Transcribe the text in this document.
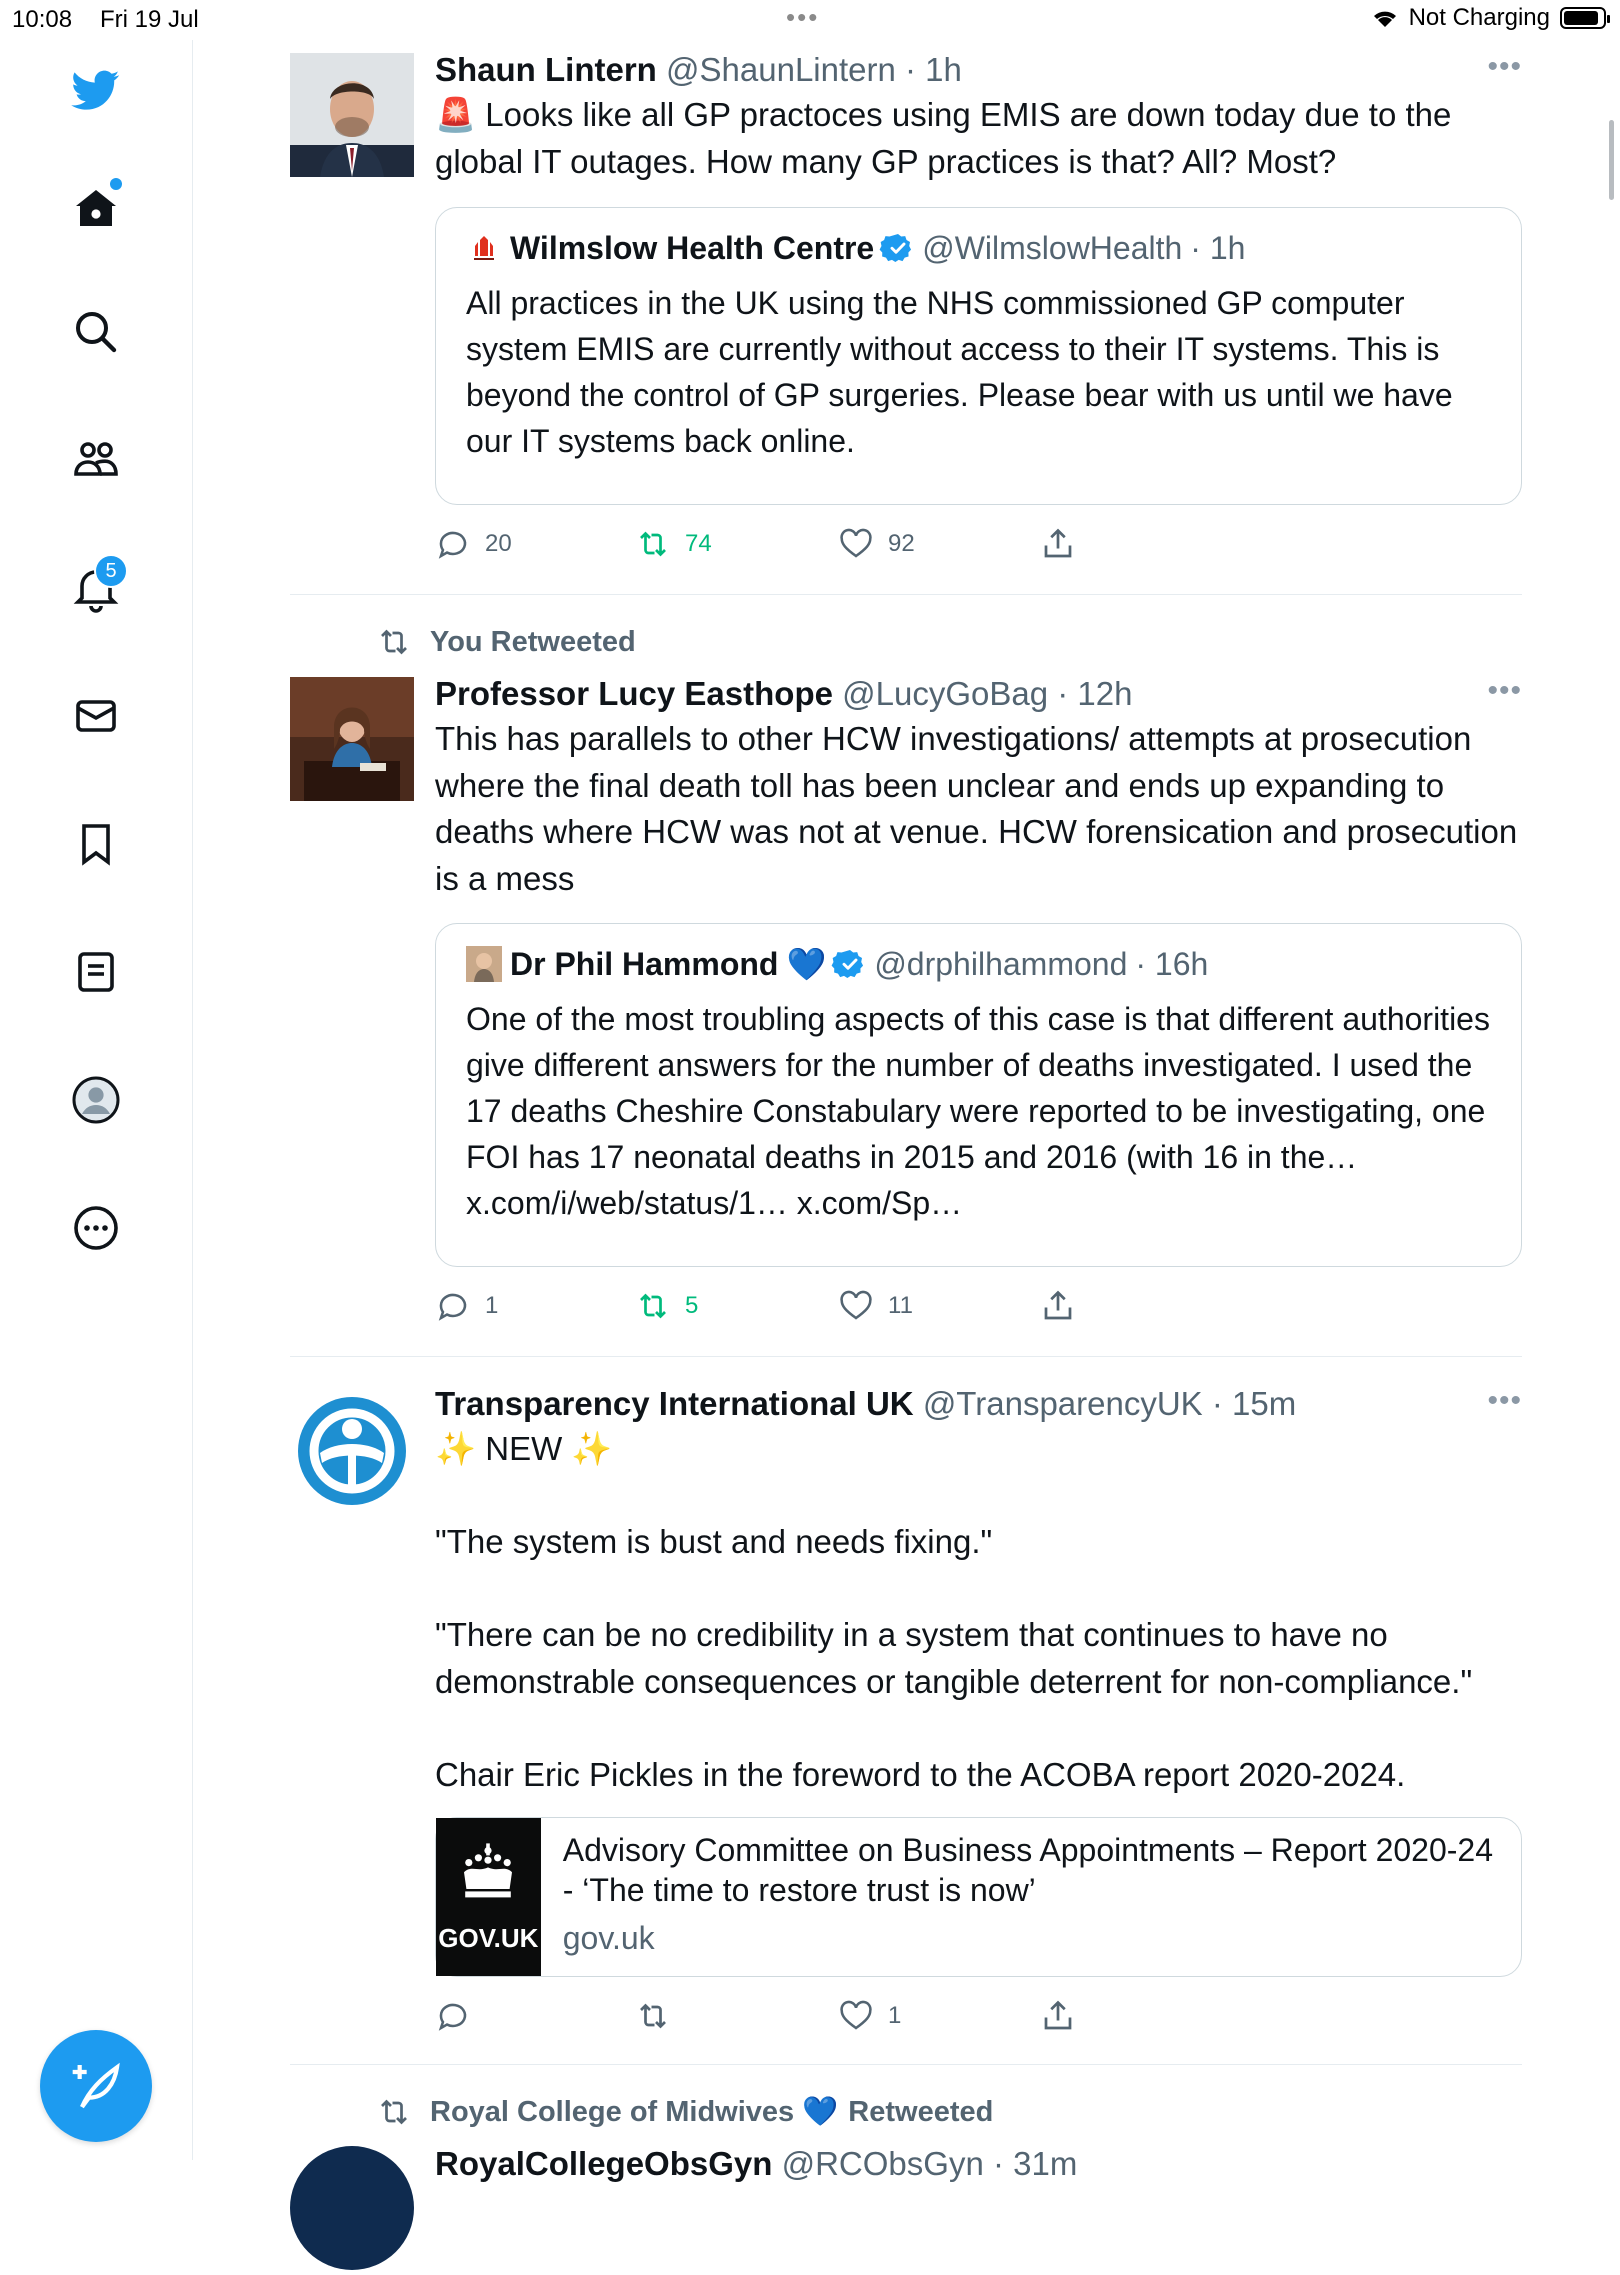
10:08 Fri 19 Jul	•••	Not Charging
5
Shaun Lintern @ShaunLintern · 1h	•••
🚨 Looks like all GP practoces using EMIS are down today due to the global IT outages. How many GP practices is that? All? Most?
Wilmslow Health Centre @WilmslowHealth · 1h
All practices in the UK using the NHS commissioned GP computer system EMIS are currently without access to their IT systems. This is beyond the control of GP surgeries. Please bear with us until we have our IT systems back online.
20	74	92
You Retweeted
Professor Lucy Easthope @LucyGoBag · 12h	•••
This has parallels to other HCW investigations/ attempts at prosecution where the final death toll has been unclear and ends up expanding to deaths where HCW was not at venue. HCW forensication and prosecution is a mess
Dr Phil Hammond 💙 @drphilhammond · 16h
One of the most troubling aspects of this case is that different authorities give different answers for the number of deaths investigated. I used the 17 deaths Cheshire Constabulary were reported to be investigating, one FOI has 17 neonatal deaths in 2015 and 2016 (with 16 in the… x.com/i/web/status/1… x.com/Sp…
1	5	11
Transparency International UK @TransparencyUK · 15m	•••
✨ NEW ✨

"The system is bust and needs fixing."

"There can be no credibility in a system that continues to have no demonstrable consequences or tangible deterrent for non-compliance."

Chair Eric Pickles in the foreword to the ACOBA report 2020-2024.
GOV.UK
Advisory Committee on Business Appointments – Report 2020-24 - ‘The time to restore trust is now’
gov.uk
1
Royal College of Midwives 💙 Retweeted
RoyalCollegeObsGyn @RCObsGyn · 31m
